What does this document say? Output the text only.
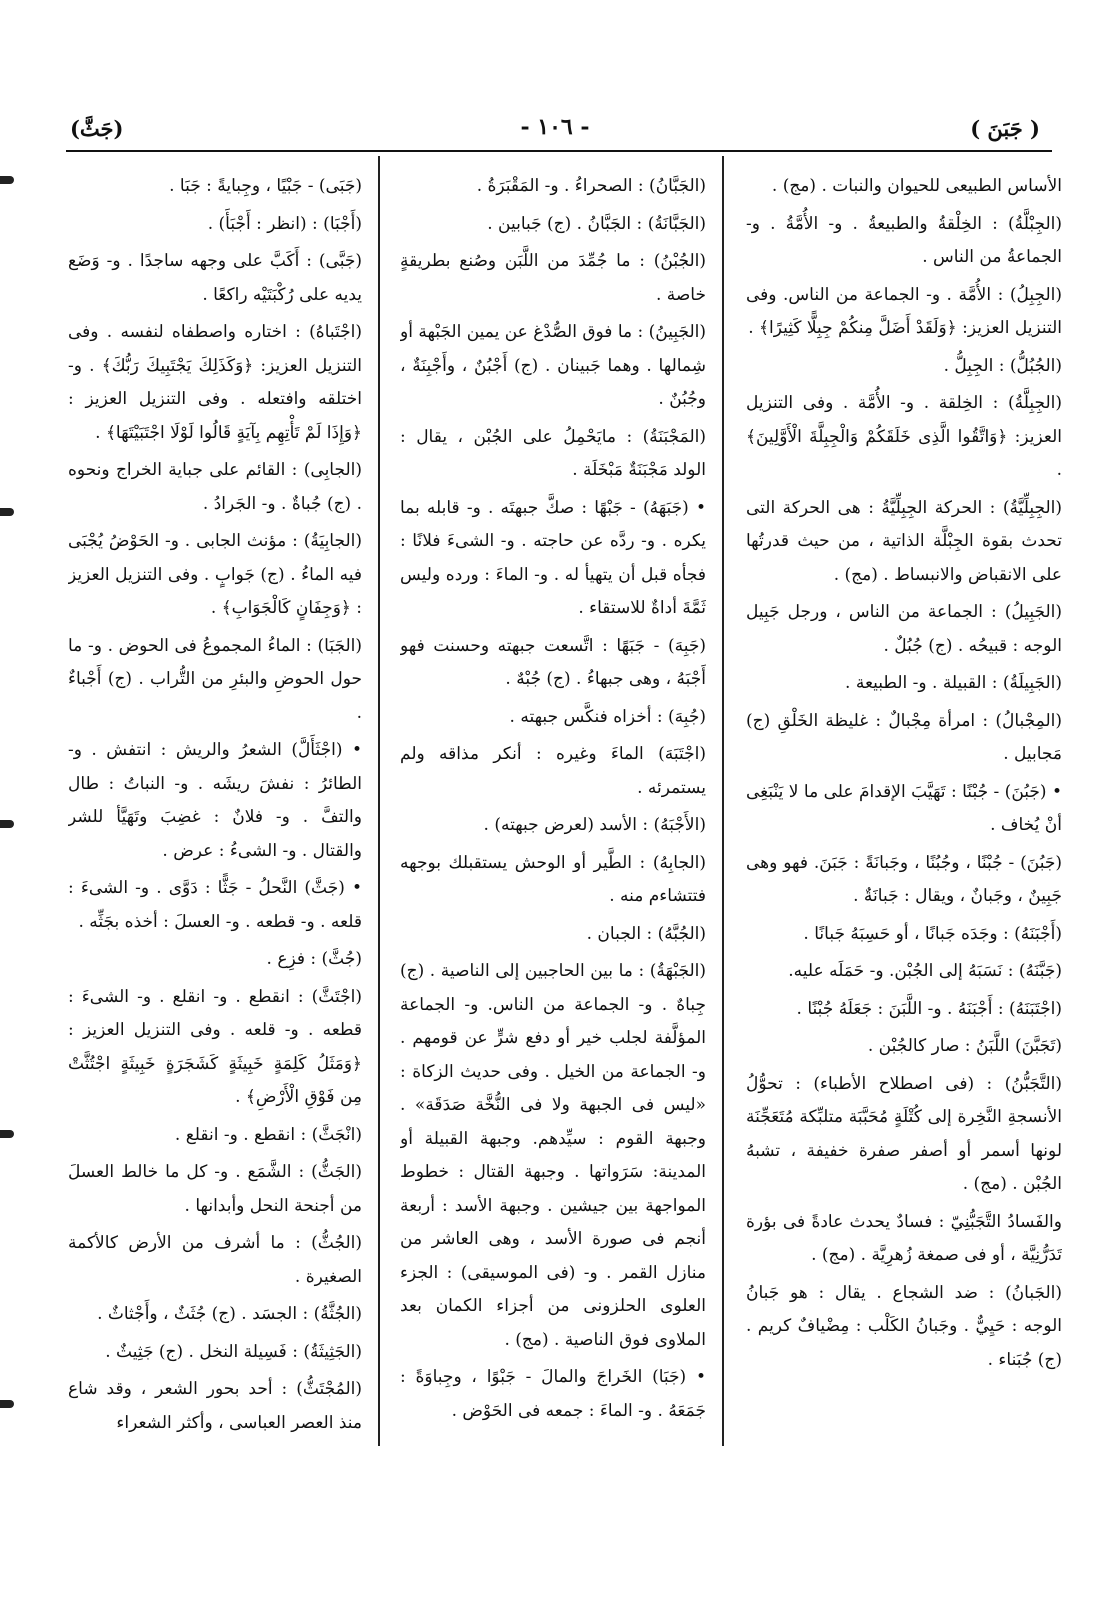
( جَبَنَ )
- ١٠٦ -
(جَثَّ)

الأساس الطبيعى للحيوان والنبات . (مج) .

(الجِبْلَّةُ) : الخِلْقةُ والطبيعةُ . و- الأُمَّةُ . و- الجماعةُ من الناس .

(الجِبِلُ) : الأُمَّة . و- الجماعة من الناس. وفى التنزيل العزيز: ﴿وَلَقَدْ أَضَلَّ مِنكُمْ جِبِلًّا كَثِيرًا﴾ .

(الجُبُلُّ) : الجِبِلُّ .

(الجِبِلَّةُ) : الخِلقة . و- الأُمَّة . وفى التنزيل العزيز: ﴿وَاتَّقُوا الَّذِى خَلَقَكُمْ وَالْجِبِلَّةَ الْأَوَّلِينَ﴾ .

(الجِبِلِّيَّةُ) : الحركة الجِبِلِّيَّةُ : هى الحركة التى تحدث بقوة الجِبْلَّة الذاتية ، من حيث قدرتُها على الانقباض والانبساط . (مج) .

(الجَبِيلُ) : الجماعة من الناس ، ورجل جَبِيل الوجه : قبيحُه . (ج) جُبُلٌ .

(الجَبِيلَةُ) : القبيلة . و- الطبيعة .

(المِجْبالُ) : امرأة مِجْبالٌ : غليظة الخَلْقِ (ج) مَجابيل .

• (جَبُنَ) - جُبْنًا : تَهَيَّبَ الإقدامَ على ما لا يَنْبَغِى أنْ يُخاف .

(جَبُنَ) - جُبْنًا ، وجُبُنًا ، وجَبانَةً : جَبَنَ. فهو وهى جَبِينٌ ، وجَبانٌ ، ويقال : جَبانَةٌ .

(أَجْبَنَهُ) : وجَدَه جَبانًا ، أو حَسِبَهُ جَبانًا .

(جَبَّنَهُ) : نَسَبَهُ إلى الجُبْن. و- حَمَلَه عليه.

(اجْتَبَنَهُ) : أَجْبَنَهُ . و- اللَّبَنَ : جَعَلَهُ جُبْنًا .

(تَجَبَّنَ) اللَّبَنُ : صار كالجُبْن .

(التَّجَبُّنُ) : (فى اصطلاح الأطباء) : تحوُّلُ الأنسجةِ النَّخِرة إلى كُتْلَةٍ مُحَبَّبَة متلبِّكة مُتَعَجِّنَة لونها أسمر أو أصفر صفرة خفيفة ، تشبهُ الجُبْن . (مج) .

والفَسادُ التَّجَبُّنِيّ : فسادٌ يحدث عادةً فى بؤرة تَدَرُّنِيَّة ، أو فى صمغة زُهرِيَّة . (مج) .

(الجَبانُ) : ضد الشجاع . يقال : هو جَبانُ الوجه : حَيِيٌّ . وجَبانُ الكَلْب : مِضْيافٌ كريم . (ج) جُبَناء .

(الجَبَّانُ) : الصحراءُ . و- المَقْبَرَةُ .

(الجَبَّانَةُ) : الجَبَّانُ . (ج) جَبابين .

(الجُبْنُ) : ما جُمِّدَ من اللَّبَن وصُنع بطريقةٍ خاصة .

(الجَبِينُ) : ما فوق الصُّدْغ عن يمين الجَبْهة أو شِمالها . وهما جَبينان . (ج) أَجْبُنٌ ، وأَجْبِنَةٌ ، وجُبُنٌ .

(المَجْبَنَةُ) : مايَحْمِلُ على الجُبْن ، يقال : الولد مَجْبَنَةٌ مَبْخَلَة .

• (جَبَهَهُ) - جَبْهًا : صكَّ جبهتَه . و- قابله بما يكره . و- ردَّه عن حاجته . و- الشىءَ فلانًا : فجأه قبل أن يتهيأ له . و- الماءَ : ورده وليس ثَمَّةَ أداةٌ للاستقاء .

(جَبِهَ) - جَبَهًا : اتَّسعت جبهته وحسنت فهو أَجْبَهُ ، وهى جبهاءُ . (ج) جُبْهٌ .

(جُبِهَ) : أخزاه فنكَّس جبهته .

(اجْتَبَهَ) الماءَ وغيره : أنكر مذاقه ولم يستمرئه .

(الأَجْبَهُ) : الأسد (لعرض جبهته) .

(الجابِهُ) : الطَّير أو الوحش يستقبلك بوجهه فتتشاءم منه .

(الجُبَّهُ) : الجبان .

(الجَبْهَةُ) : ما بين الحاجبين إلى الناصية . (ج) جِباهٌ . و- الجماعة من الناس. و- الجماعة المؤلَّفة لجلب خير أو دفع شرٍّ عن قومهم . و- الجماعة من الخيل . وفى حديث الزكاة : «ليس فى الجبهة ولا فى النُّخَّة صَدَقَة» . وجبهة القوم : سيِّدهم. وجبهة القبيلة أو المدينة: سَرَواتها . وجبهة القتال : خطوط المواجهة بين جيشين . وجبهة الأسد : أربعة أنجم فى صورة الأسد ، وهى العاشر من منازل القمر . و- (فى الموسيقى) : الجزء العلوى الحلزونى من أجزاء الكمان بعد الملاوى فوق الناصية . (مج) .

• (جَبَا) الخَراجَ والمالَ - جَبْوًا ، وجِباوَةً : جَمَعَهُ . و- الماءَ : جمعه فى الحَوْض .

(جَبَى) - جَبْيًا ، وجِبايةً : جَبَا .

(أَجْبَا) : (انظر : أَجْبَأَ) .

(جَبَّى) : أَكَبَّ على وجهه ساجدًا . و- وَضَع يديه على رُكْبَتَيْه راكعًا .

(اجْتَباهُ) : اختاره واصطفاه لنفسه . وفى التنزيل العزيز: ﴿وَكَذَلِكَ يَجْتَبِيكَ رَبُّكَ﴾ . و- اختلقه وافتعله . وفى التنزيل العزيز : ﴿وَإِذَا لَمْ تَأْتِهِم بِآيَةٍ قَالُوا لَوْلَا اجْتَبَيْتَهَا﴾ .

(الجابِى) : القائم على جباية الخراج ونحوه . (ج) جُباةٌ . و- الجَرادُ .

(الجابِيَةُ) : مؤنث الجابى . و- الحَوْضُ يُجْبَى فيه الماءُ . (ج) جَوابٍ . وفى التنزيل العزيز : ﴿وَجِفَانٍ كَالْجَوَابِ﴾ .

(الجَبَا) : الماءُ المجموعُ فى الحوض . و- ما حول الحوضِ والبئرِ من التُّراب . (ج) أَجْباءٌ .

• (اجْثَأَلَّ) الشعرُ والريش : انتفش . و- الطائرُ : نفشَ ريشَه . و- النباتُ : طال والتفَّ . و- فلانٌ : غضِبَ وتَهَيَّأ للشر والقتال . و- الشىءُ : عرض .

• (جَثَّ) النَّحلُ - جَثًّا : دَوَّى . و- الشىءَ : قلعه . و- قطعه . و- العسلَ : أخذه بجَثِّه .

(جُثَّ) : فزِع .

(اجْتَثَّ) : انقطع . و- انقلع . و- الشىءَ : قطعه . و- قلعه . وفى التنزيل العزيز : ﴿وَمَثَلُ كَلِمَةٍ خَبِيثَةٍ كَشَجَرَةٍ خَبِيثَةٍ اجْتُثَّتْ مِن فَوْقِ الْأَرْضِ﴾ .

(انْجَثَّ) : انقطع . و- انقلع .

(الجَثُّ) : الشَّمَع . و- كل ما خالط العسلَ من أجنحة النحل وأبدانها .

(الجُثُّ) : ما أشرف من الأرض كالأكمة الصغيرة .

(الجُثَّةُ) : الجسَد . (ج) جُثَثٌ ، وأَجْثاثٌ .

(الجَثِيثَةُ) : فَسِيلة النخل . (ج) جَثِيثٌ .

(المُجْتَثُّ) : أحد بحور الشعر ، وقد شاع منذ العصر العباسى ، وأكثر الشعراء
